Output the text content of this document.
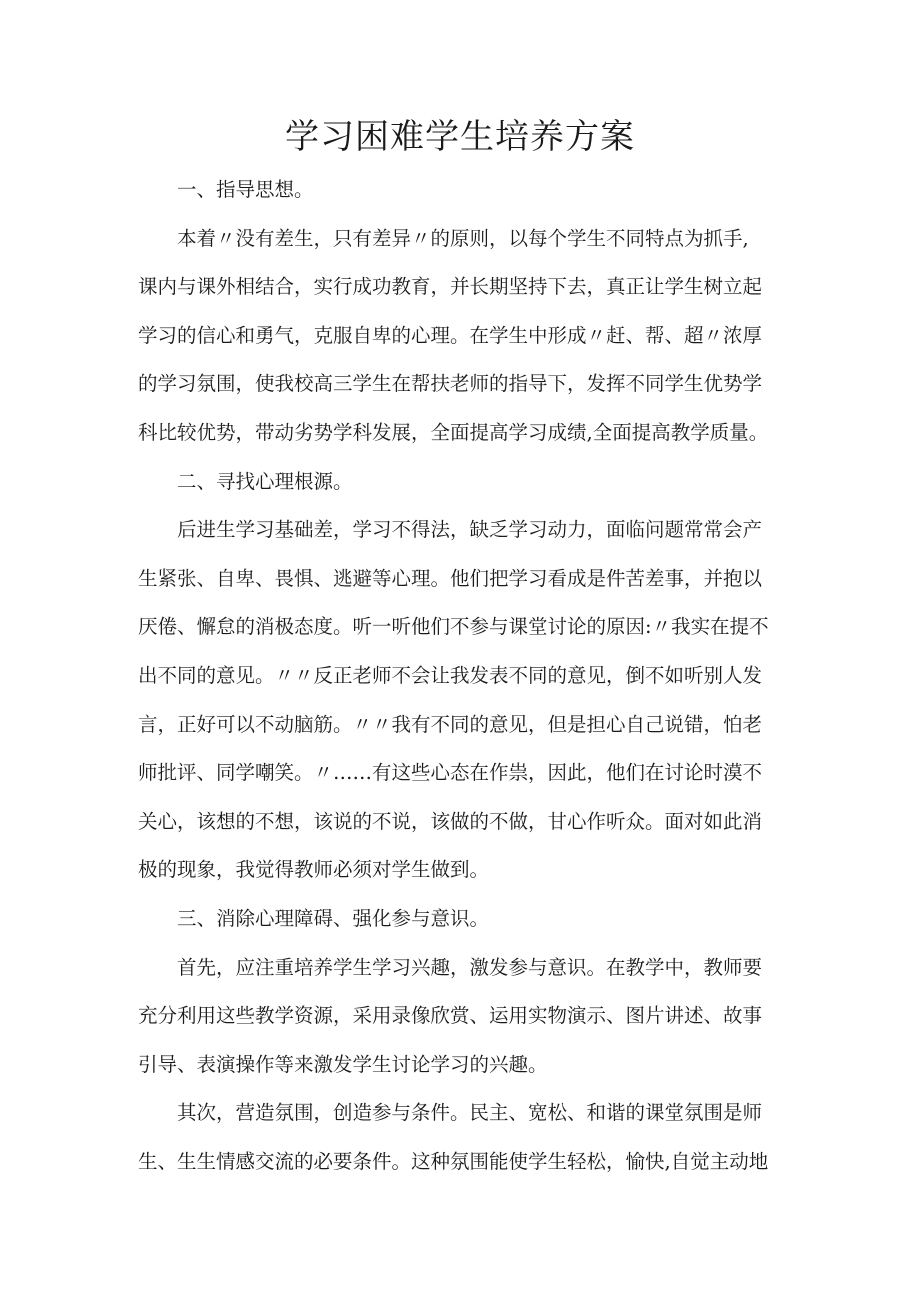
学习困难学生培养方案
一、指导思想。
本着〃没有差生，只有差异〃的原则，以每个学生不同特点为抓手,
课内与课外相结合，实行成功教育，并长期坚持下去，真正让学生树立起
学习的信心和勇气，克服自卑的心理。在学生中形成〃赶、帮、超〃浓厚
的学习氛围，使我校高三学生在帮扶老师的指导下，发挥不同学生优势学
科比较优势，带动劣势学科发展，全面提高学习成绩,全面提高教学质量。
二、寻找心理根源。
后进生学习基础差，学习不得法，缺乏学习动力，面临问题常常会产
生紧张、自卑、畏惧、逃避等心理。他们把学习看成是件苦差事，并抱以
厌倦、懈怠的消极态度。听一听他们不参与课堂讨论的原因:〃我实在提不
出不同的意见。〃〃反正老师不会让我发表不同的意见，倒不如听别人发
言，正好可以不动脑筋。〃〃我有不同的意见，但是担心自己说错，怕老
师批评、同学嘲笑。〃……有这些心态在作祟，因此，他们在讨论时漠不
关心，该想的不想，该说的不说，该做的不做，甘心作听众。面对如此消
极的现象，我觉得教师必须对学生做到。
三、消除心理障碍、强化参与意识。
首先，应注重培养学生学习兴趣，激发参与意识。在教学中，教师要
充分利用这些教学资源，采用录像欣赏、运用实物演示、图片讲述、故事
引导、表演操作等来激发学生讨论学习的兴趣。
其次，营造氛围，创造参与条件。民主、宽松、和谐的课堂氛围是师
生、生生情感交流的必要条件。这种氛围能使学生轻松，愉快,自觉主动地
